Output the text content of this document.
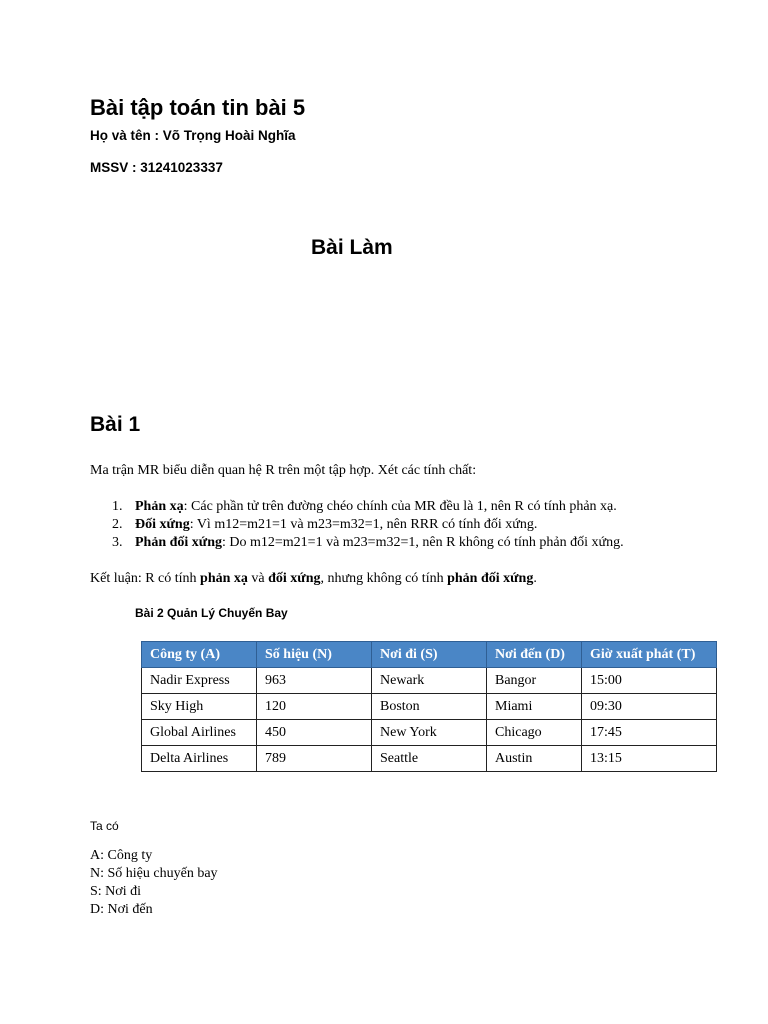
Bài tập toán tin bài 5
Họ và tên : Võ Trọng Hoài Nghĩa
MSSV : 31241023337
Bài Làm
Bài 1
Ma trận MR biểu diễn quan hệ R trên một tập hợp. Xét các tính chất:
1. Phản xạ: Các phần tử trên đường chéo chính của MR đều là 1, nên R có tính phản xạ.
2. Đối xứng: Vì m12=m21=1 và m23=m32=1, nên RRR có tính đối xứng.
3. Phản đối xứng: Do m12=m21=1 và m23=m32=1, nên R không có tính phản đối xứng.
Kết luận: R có tính phản xạ và đối xứng, nhưng không có tính phản đối xứng.
Bài 2 Quản Lý Chuyến Bay
Công ty (A)	Số hiệu (N)	Nơi đi (S)	Nơi đến (D)	Giờ xuất phát (T)
Nadir Express	963	Newark	Bangor	15:00
Sky High	120	Boston	Miami	09:30
Global Airlines	450	New York	Chicago	17:45
Delta Airlines	789	Seattle	Austin	13:15
Ta có
A: Công ty
N: Số hiệu chuyến bay
S: Nơi đi
D: Nơi đến
